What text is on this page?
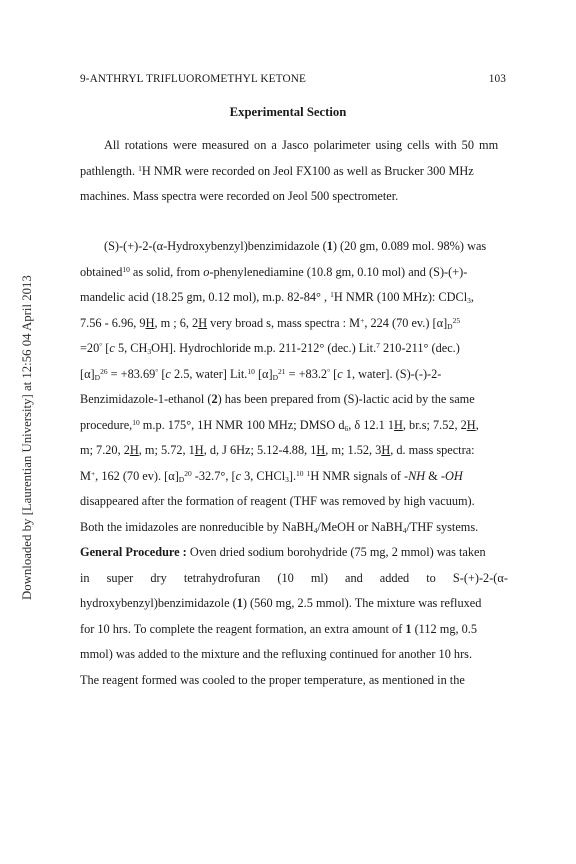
9-ANTHRYL TRIFLUOROMETHYL KETONE	103
Downloaded by [Laurentian University] at 12:56 04 April 2013
Experimental Section
All rotations were measured on a Jasco polarimeter using cells with 50 mm
pathlength. $^1$H NMR were recorded on Jeol FX100 as well as Brucker 300 MHz
machines. Mass spectra were recorded on Jeol 500 spectrometer.
(S)-(+)-2-(α-Hydroxybenzyl)benzimidazole (1) (20 gm, 0.089 mol. 98%) was
obtained$^{10}$ as solid, from o-phenylenediamine (10.8 gm, 0.10 mol) and (S)-(+)-
mandelic acid (18.25 gm, 0.12 mol), m.p. 82-84° , $^1$H NMR (100 MHz): CDCl$_3$,
7.56 - 6.96, 9H, m ; 6, 2H very broad s, mass spectra : M+, 224 (70 ev.) $[\alpha]_D^{25}$
=20° [c 5, $CH_3OH$]. Hydrochloride m.p. 211-212° (dec.) Lit.$^7$ 210-211° (dec.)
$[\alpha]_D^{26} = +83.69^\circ$ [c 2.5, water] Lit.$^{10}$ $[\alpha]_D^{21} = +83.2^\circ$ [c 1, water]. (S)-(-)-2-
Benzimidazole-1-ethanol (2) has been prepared from (S)-lactic acid by the same
procedure,$^{10}$ m.p. 175°, 1H NMR 100 MHz; DMSO $d_6$, δ 12.1 1H, br.s; 7.52, 2H,
m; 7.20, 2H, m; 5.72, 1H, d, J 6Hz; 5.12-4.88, 1H, m; 1.52, 3H, d. mass spectra:
M+, 162 (70 ev). $[\alpha]_D^{20}$ -32.7°, [c 3, CHCl$_3$].$^{10}$ $^1$H NMR signals of -NH & -OH
disappeared after the formation of reagent (THF was removed by high vacuum).
Both the imidazoles are nonreducible by NaBH$_4$/MeOH or NaBH$_4$/THF systems.
General Procedure : Oven dried sodium borohydride (75 mg, 2 mmol) was taken
in super dry tetrahydrofuran (10 ml) and added to S-(+)-2-(α-
hydroxybenzyl)benzimidazole (1) (560 mg, 2.5 mmol). The mixture was refluxed
for 10 hrs. To complete the reagent formation, an extra amount of 1 (112 mg, 0.5
mmol) was added to the mixture and the refluxing continued for another 10 hrs.
The reagent formed was cooled to the proper temperature, as mentioned in the
